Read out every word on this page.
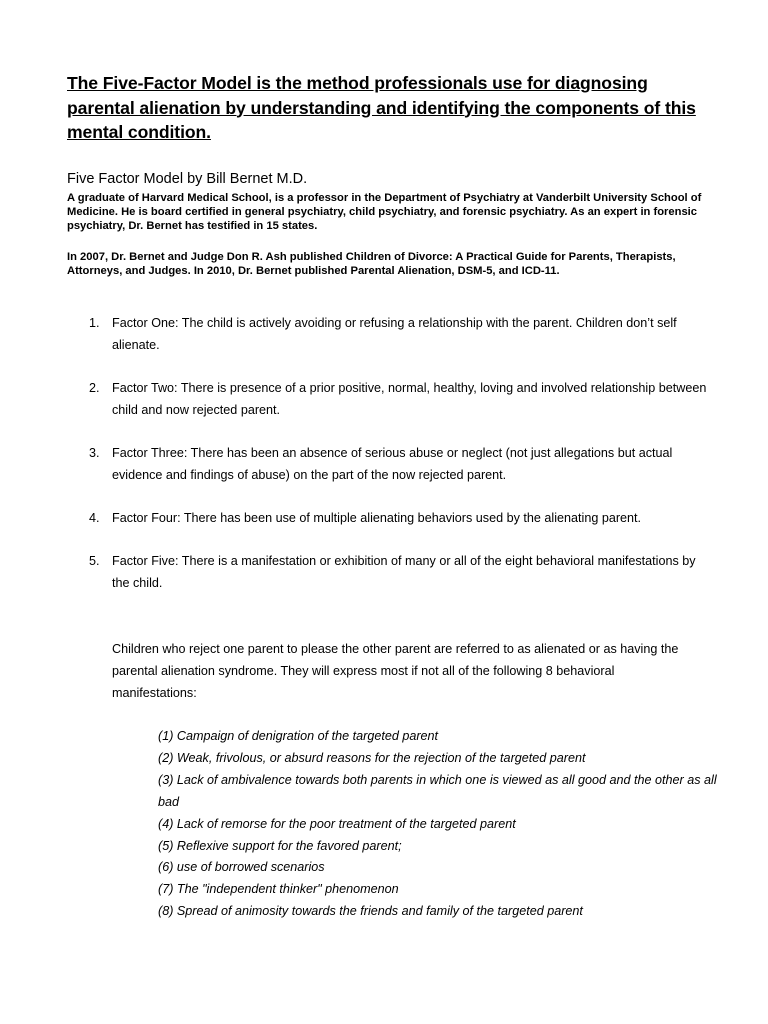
The Five-Factor Model is the method professionals use for diagnosing parental alienation by understanding and identifying the components of this mental condition.
Five Factor Model by Bill Bernet M.D.
A graduate of Harvard Medical School, is a professor in the Department of Psychiatry at Vanderbilt University School of Medicine. He is board certified in general psychiatry, child psychiatry, and forensic psychiatry. As an expert in forensic psychiatry, Dr. Bernet has testified in 15 states.
In 2007, Dr. Bernet and Judge Don R. Ash published Children of Divorce: A Practical Guide for Parents, Therapists, Attorneys, and Judges. In 2010, Dr. Bernet published Parental Alienation, DSM-5, and ICD-11.
1. Factor One: The child is actively avoiding or refusing a relationship with the parent. Children don’t self alienate.
2. Factor Two: There is presence of a prior positive, normal, healthy, loving and involved relationship between child and now rejected parent.
3. Factor Three: There has been an absence of serious abuse or neglect (not just allegations but actual evidence and findings of abuse) on the part of the now rejected parent.
4. Factor Four: There has been use of multiple alienating behaviors used by the alienating parent.
5. Factor Five: There is a manifestation or exhibition of many or all of the eight behavioral manifestations by the child.
Children who reject one parent to please the other parent are referred to as alienated or as having the parental alienation syndrome. They will express most if not all of the following 8 behavioral manifestations:
(1) Campaign of denigration of the targeted parent
(2) Weak, frivolous, or absurd reasons for the rejection of the targeted parent
(3) Lack of ambivalence towards both parents in which one is viewed as all good and the other as all bad
(4) Lack of remorse for the poor treatment of the targeted parent
(5) Reflexive support for the favored parent;
(6) use of borrowed scenarios
(7) The "independent thinker" phenomenon
(8) Spread of animosity towards the friends and family of the targeted parent
